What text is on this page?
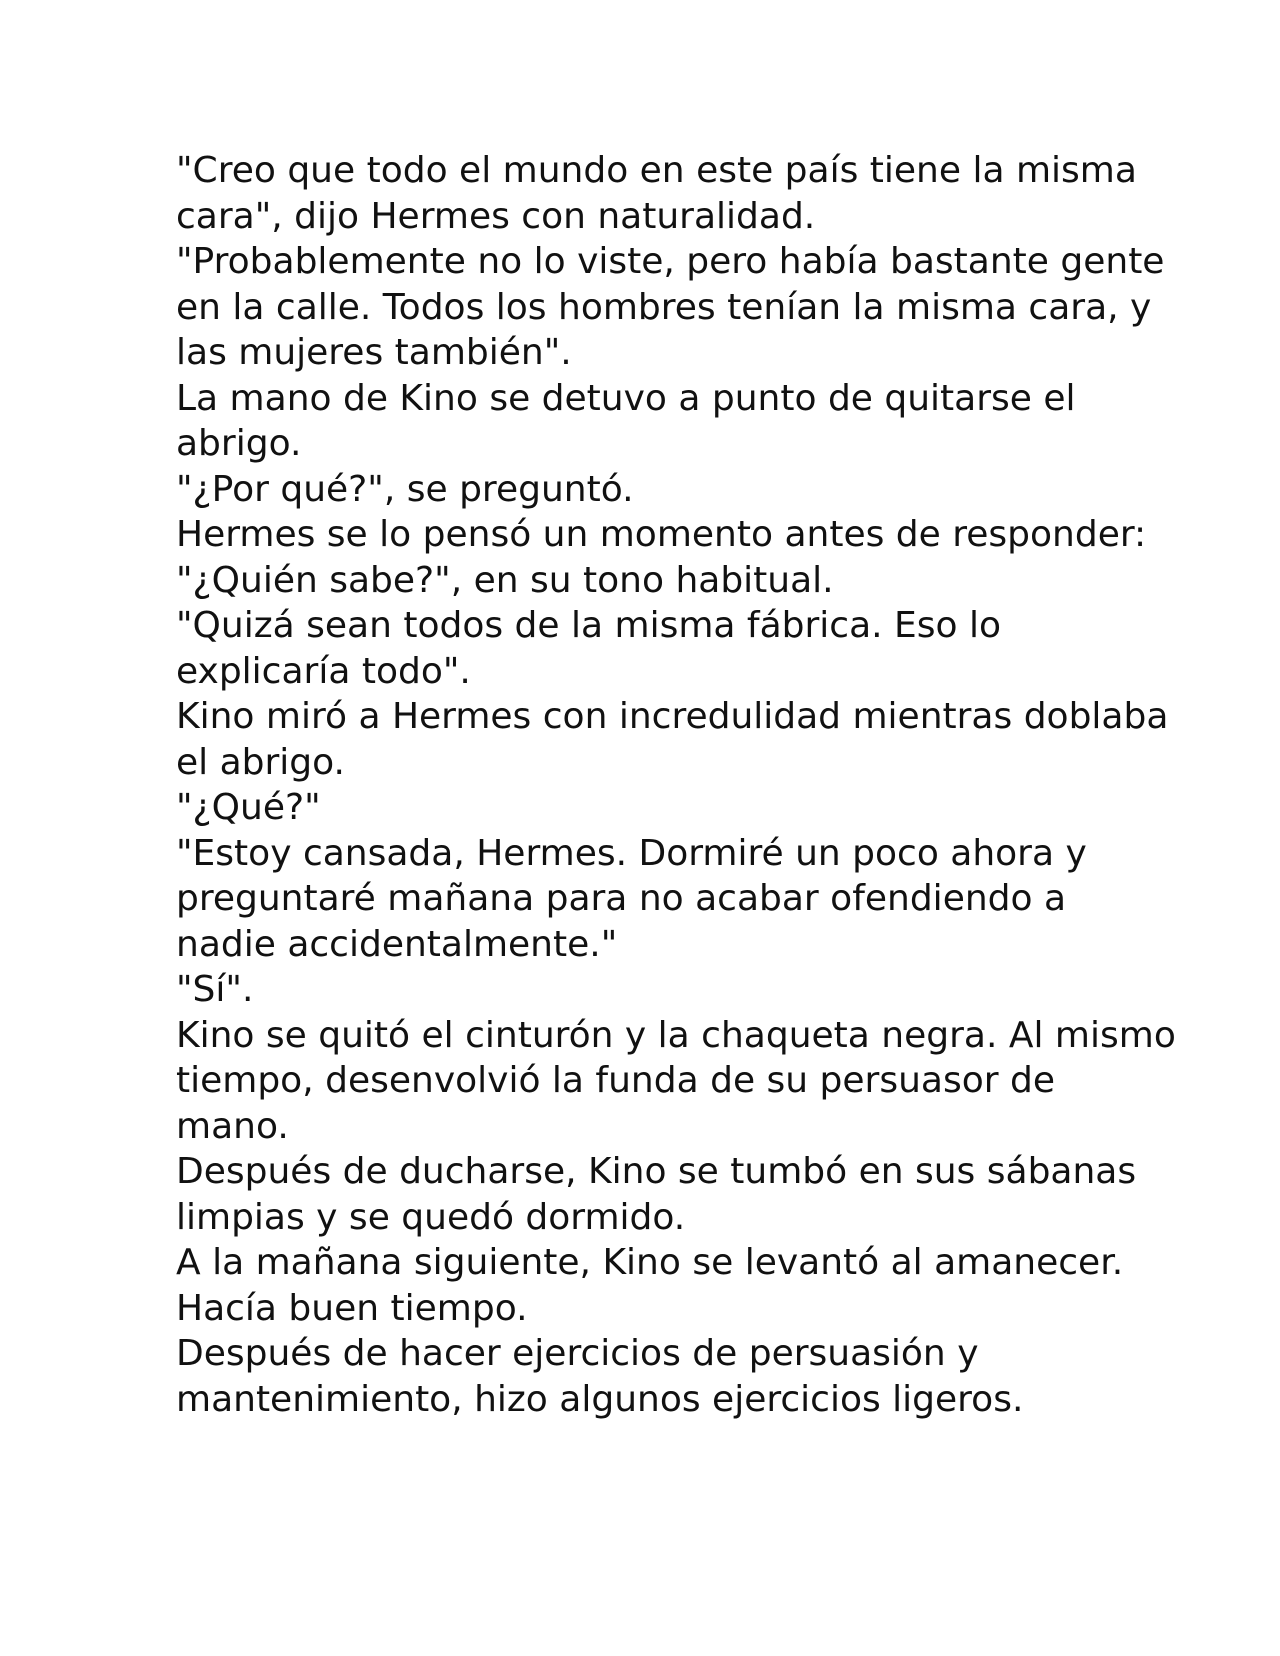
"Creo que todo el mundo en este país tiene la misma cara", dijo Hermes con naturalidad.

"Probablemente no lo viste, pero había bastante gente en la calle. Todos los hombres tenían la misma cara, y las mujeres también".

La mano de Kino se detuvo a punto de quitarse el abrigo.

"¿Por qué?", se preguntó.

Hermes se lo pensó un momento antes de responder: "¿Quién sabe?", en su tono habitual.

"Quizá sean todos de la misma fábrica. Eso lo explicaría todo".

Kino miró a Hermes con incredulidad mientras doblaba el abrigo.

"¿Qué?"

"Estoy cansada, Hermes. Dormiré un poco ahora y preguntaré mañana para no acabar ofendiendo a nadie accidentalmente."

"Sí".

Kino se quitó el cinturón y la chaqueta negra. Al mismo tiempo, desenvolvió la funda de su persuasor de mano.

Después de ducharse, Kino se tumbó en sus sábanas limpias y se quedó dormido.

A la mañana siguiente, Kino se levantó al amanecer. Hacía buen tiempo.

Después de hacer ejercicios de persuasión y mantenimiento, hizo algunos ejercicios ligeros.
